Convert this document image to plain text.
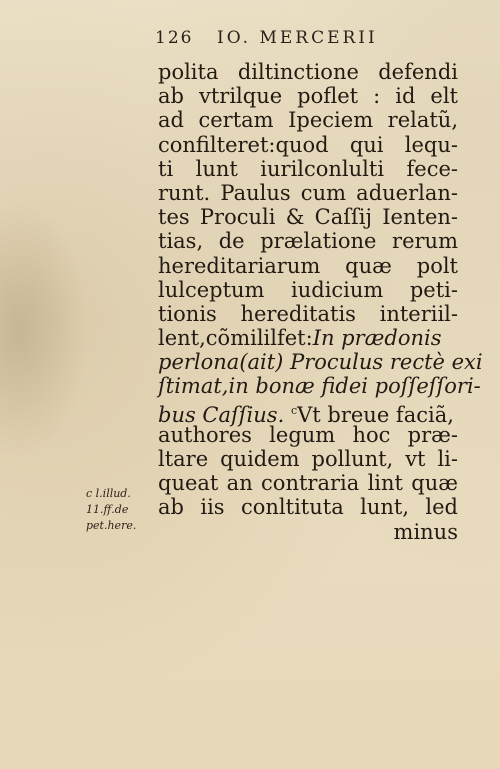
126 IO. MERCERII
polita diltinctione defendi
ab vtrilque poflet : id elt
ad certam Ipeciem relatũ,
confilteret:quod qui lequ-
ti lunt iurilconlulti fece-
runt. Paulus cum aduerlan-
tes Proculi & Caſſij Ienten-
tias, de prælatione rerum
hereditariarum quæ polt
lulceptum iudicium peti-
tionis hereditatis interiil-
lent,cõmililfet:In prædonis
perlona(ait) Proculus rectè exi
ſtimat,in bonæ fidei poſſeſſori-
bus Caſſius. $^c$Vt breue faciã,
authores legum hoc præ-
ltare quidem pollunt, vt li-
queat an contraria lint quæ
ab iis conltituta lunt, led
minus
c l.illud.
11.ff.de
pet.here.
